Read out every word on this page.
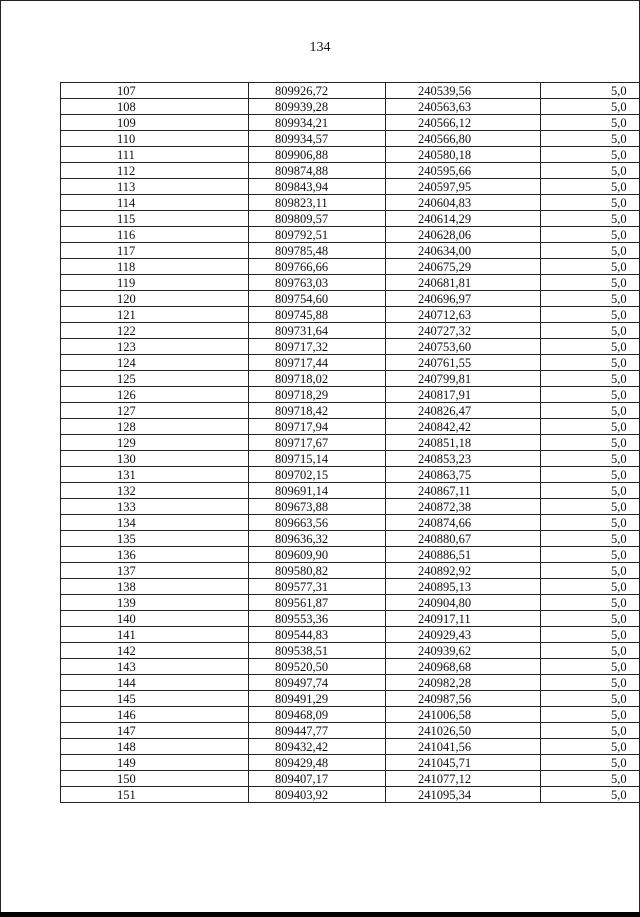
134
107	809926,72	240539,56	5,0
108	809939,28	240563,63	5,0
109	809934,21	240566,12	5,0
110	809934,57	240566,80	5,0
111	809906,88	240580,18	5,0
112	809874,88	240595,66	5,0
113	809843,94	240597,95	5,0
114	809823,11	240604,83	5,0
115	809809,57	240614,29	5,0
116	809792,51	240628,06	5,0
117	809785,48	240634,00	5,0
118	809766,66	240675,29	5,0
119	809763,03	240681,81	5,0
120	809754,60	240696,97	5,0
121	809745,88	240712,63	5,0
122	809731,64	240727,32	5,0
123	809717,32	240753,60	5,0
124	809717,44	240761,55	5,0
125	809718,02	240799,81	5,0
126	809718,29	240817,91	5,0
127	809718,42	240826,47	5,0
128	809717,94	240842,42	5,0
129	809717,67	240851,18	5,0
130	809715,14	240853,23	5,0
131	809702,15	240863,75	5,0
132	809691,14	240867,11	5,0
133	809673,88	240872,38	5,0
134	809663,56	240874,66	5,0
135	809636,32	240880,67	5,0
136	809609,90	240886,51	5,0
137	809580,82	240892,92	5,0
138	809577,31	240895,13	5,0
139	809561,87	240904,80	5,0
140	809553,36	240917,11	5,0
141	809544,83	240929,43	5,0
142	809538,51	240939,62	5,0
143	809520,50	240968,68	5,0
144	809497,74	240982,28	5,0
145	809491,29	240987,56	5,0
146	809468,09	241006,58	5,0
147	809447,77	241026,50	5,0
148	809432,42	241041,56	5,0
149	809429,48	241045,71	5,0
150	809407,17	241077,12	5,0
151	809403,92	241095,34	5,0
